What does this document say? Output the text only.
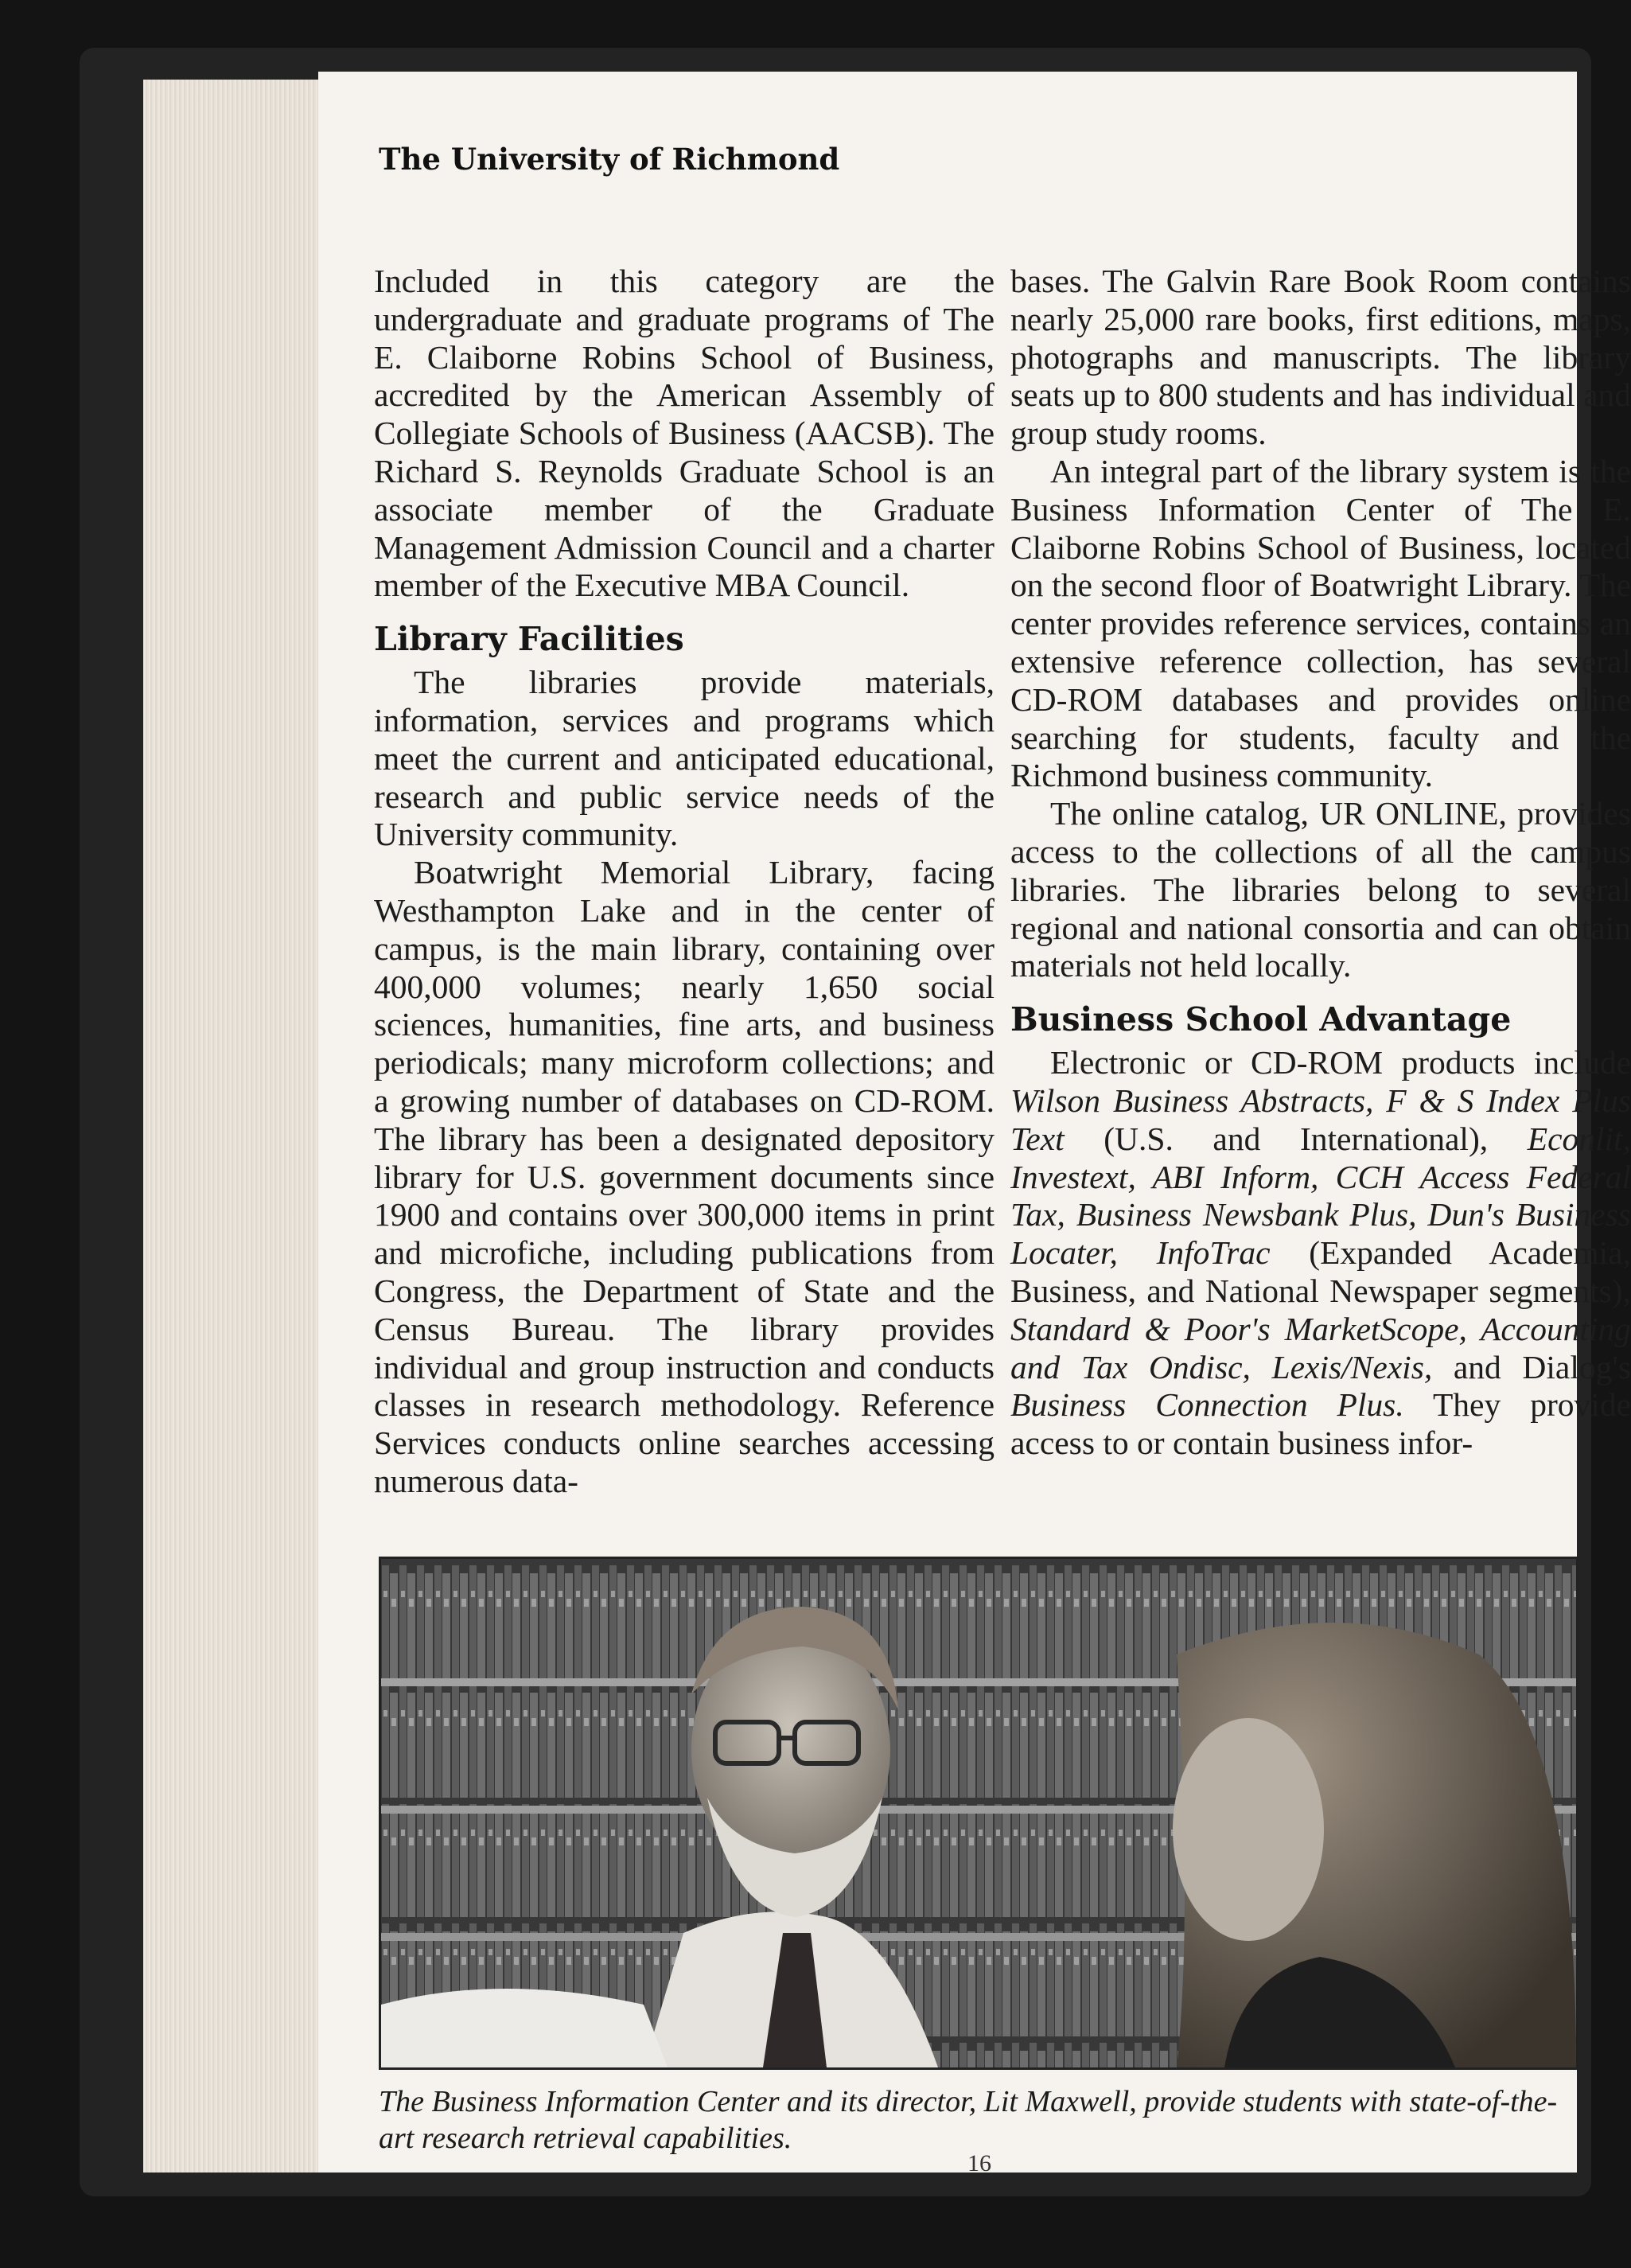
The University of Richmond

Included in this category are the undergraduate and graduate programs of The E. Claiborne Robins School of Business, accredited by the American Assembly of Collegiate Schools of Business (AACSB). The Richard S. Reynolds Graduate School is an associate member of the Graduate Management Admission Council and a charter member of the Executive MBA Council.

Library Facilities

The libraries provide materials, information, services and programs which meet the current and anticipated educational, research and public service needs of the University community.

Boatwright Memorial Library, facing Westhampton Lake and in the center of campus, is the main library, containing over 400,000 volumes; nearly 1,650 social sciences, humanities, fine arts, and business periodicals; many microform collections; and a growing number of databases on CD-ROM. The library has been a designated depository library for U.S. government documents since 1900 and contains over 300,000 items in print and microfiche, including publications from Congress, the Department of State and the Census Bureau. The library provides individual and group instruction and conducts classes in research methodology. Reference Services conducts online searches accessing numerous data-

bases. The Galvin Rare Book Room contains nearly 25,000 rare books, first editions, maps, photographs and manuscripts. The library seats up to 800 students and has individual and group study rooms.

An integral part of the library system is the Business Information Center of The E. Claiborne Robins School of Business, located on the second floor of Boatwright Library. The center provides reference services, contains an extensive reference collection, has several CD-ROM databases and provides online searching for students, faculty and the Richmond business community.

The online catalog, UR ONLINE, provides access to the collections of all the campus libraries. The libraries belong to several regional and national consortia and can obtain materials not held locally.

Business School Advantage

Electronic or CD-ROM products include Wilson Business Abstracts, F & S Index Plus Text (U.S. and International), Econlit, Investext, ABI Inform, CCH Access Federal Tax, Business Newsbank Plus, Dun's Business Locater, InfoTrac (Expanded Academia, Business, and National Newspaper segments), Standard & Poor's MarketScope, Accounting and Tax Ondisc, Lexis/Nexis, and Dialog's Business Connection Plus. They provide access to or contain business infor-

The Business Information Center and its director, Lit Maxwell, provide students with state-of-the-art research retrieval capabilities.
16
